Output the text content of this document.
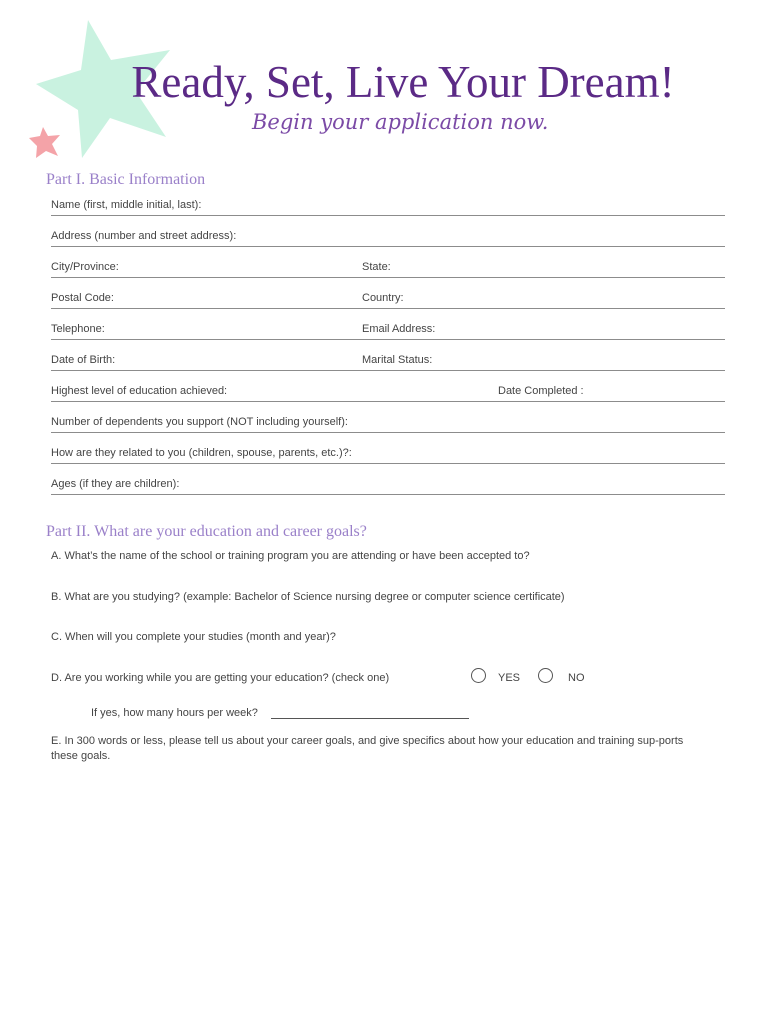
Ready, Set, Live Your Dream!
Begin your application now.
Part I. Basic Information
Name (first, middle initial, last):
Address (number and street address):
City/Province:	State:
Postal Code:	Country:
Telephone:	Email Address:
Date of Birth:	Marital Status:
Highest level of education achieved:	Date Completed :
Number of dependents you support (NOT including yourself):
How are they related to you (children, spouse, parents, etc.)?:
Ages (if they are children):
Part II. What are your education and career goals?
A. What’s the name of the school or training program you are attending or have been accepted to?
B. What are you studying? (example: Bachelor of Science nursing degree or computer science certificate)
C. When will you complete your studies (month and year)?
D. Are you working while you are getting your education? (check one)	YES	NO
If yes, how many hours per week?
E. In 300 words or less, please tell us about your career goals, and give specifics about how your education and training sup-ports these goals.
